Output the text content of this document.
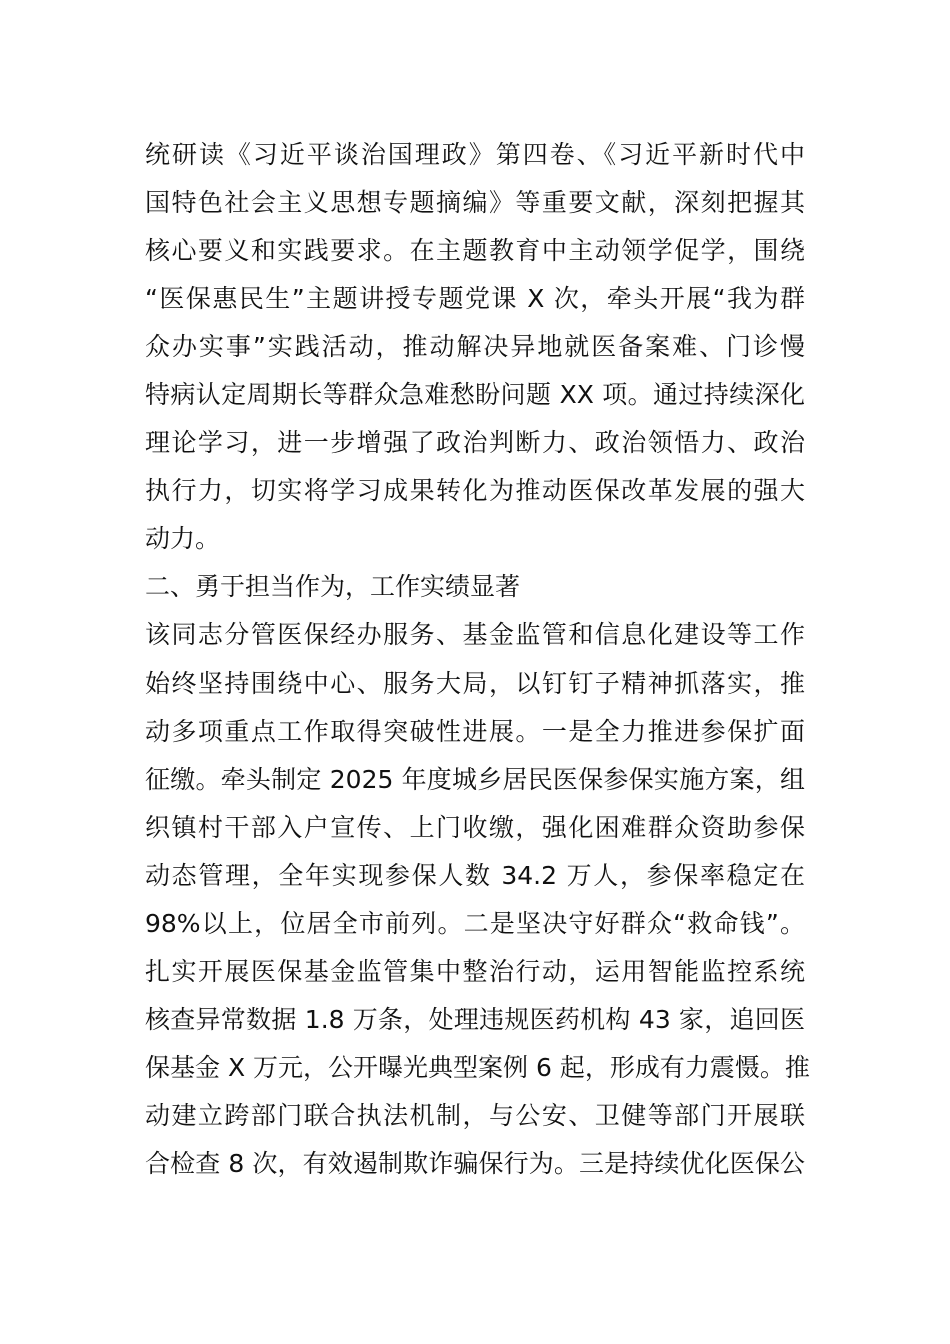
统研读《习近平谈治国理政》第四卷、《习近平新时代中
国特色社会主义思想专题摘编》等重要文献，深刻把握其
核心要义和实践要求。在主题教育中主动领学促学，围绕
“医保惠民生”主题讲授专题党课 X 次，牵头开展“我为群
众办实事”实践活动，推动解决异地就医备案难、门诊慢
特病认定周期长等群众急难愁盼问题 XX 项。通过持续深化
理论学习，进一步增强了政治判断力、政治领悟力、政治
执行力，切实将学习成果转化为推动医保改革发展的强大
动力。
二、勇于担当作为，工作实绩显著
该同志分管医保经办服务、基金监管和信息化建设等工作
始终坚持围绕中心、服务大局，以钉钉子精神抓落实，推
动多项重点工作取得突破性进展。一是全力推进参保扩面
征缴。牵头制定 2025 年度城乡居民医保参保实施方案，组
织镇村干部入户宣传、上门收缴，强化困难群众资助参保
动态管理，全年实现参保人数 34.2 万人，参保率稳定在
98%以上，位居全市前列。二是坚决守好群众“救命钱”。
扎实开展医保基金监管集中整治行动，运用智能监控系统
核查异常数据 1.8 万条，处理违规医药机构 43 家，追回医
保基金 X 万元，公开曝光典型案例 6 起，形成有力震慑。推
动建立跨部门联合执法机制，与公安、卫健等部门开展联
合检查 8 次，有效遏制欺诈骗保行为。三是持续优化医保公
